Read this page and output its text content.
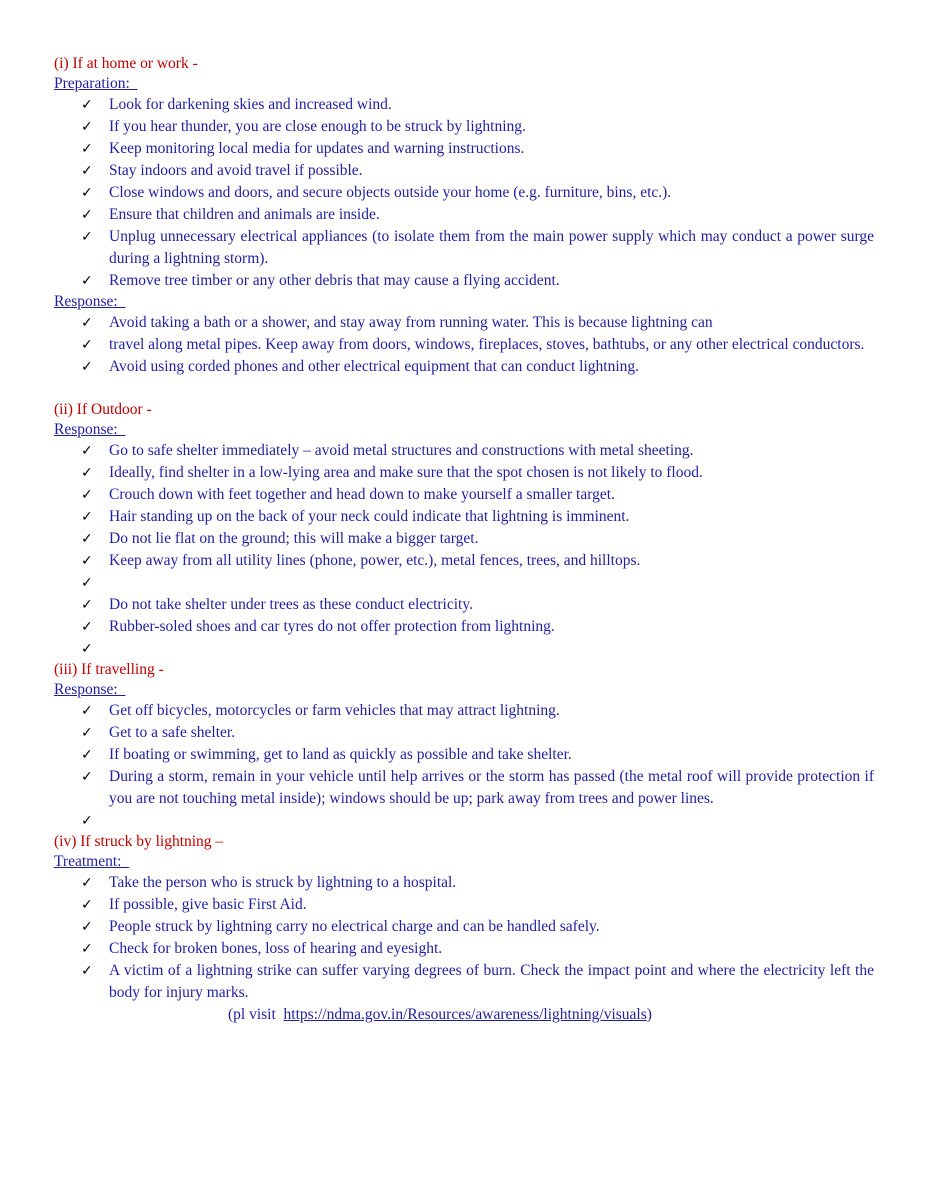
(i) If at home or work -
Preparation:
✓ Look for darkening skies and increased wind.
✓ If you hear thunder, you are close enough to be struck by lightning.
✓ Keep monitoring local media for updates and warning instructions.
✓ Stay indoors and avoid travel if possible.
✓ Close windows and doors, and secure objects outside your home (e.g. furniture, bins, etc.).
✓ Ensure that children and animals are inside.
✓ Unplug unnecessary electrical appliances (to isolate them from the main power supply which may conduct a power surge during a lightning storm).
✓ Remove tree timber or any other debris that may cause a flying accident.
Response:
✓ Avoid taking a bath or a shower, and stay away from running water. This is because lightning can
✓ travel along metal pipes. Keep away from doors, windows, fireplaces, stoves, bathtubs, or any other electrical conductors.
✓ Avoid using corded phones and other electrical equipment that can conduct lightning.
(ii) If Outdoor -
Response:
✓ Go to safe shelter immediately – avoid metal structures and constructions with metal sheeting.
✓ Ideally, find shelter in a low-lying area and make sure that the spot chosen is not likely to flood.
✓ Crouch down with feet together and head down to make yourself a smaller target.
✓ Hair standing up on the back of your neck could indicate that lightning is imminent.
✓ Do not lie flat on the ground; this will make a bigger target.
✓ Keep away from all utility lines (phone, power, etc.), metal fences, trees, and hilltops.
✓
✓ Do not take shelter under trees as these conduct electricity.
✓ Rubber-soled shoes and car tyres do not offer protection from lightning.
✓
(iii) If travelling -
Response:
✓ Get off bicycles, motorcycles or farm vehicles that may attract lightning.
✓ Get to a safe shelter.
✓ If boating or swimming, get to land as quickly as possible and take shelter.
✓ During a storm, remain in your vehicle until help arrives or the storm has passed (the metal roof will provide protection if you are not touching metal inside); windows should be up; park away from trees and power lines.
✓
(iv) If struck by lightning –
Treatment:
✓ Take the person who is struck by lightning to a hospital.
✓ If possible, give basic First Aid.
✓ People struck by lightning carry no electrical charge and can be handled safely.
✓ Check for broken bones, loss of hearing and eyesight.
✓ A victim of a lightning strike can suffer varying degrees of burn. Check the impact point and where the electricity left the body for injury marks.
(pl visit  https://ndma.gov.in/Resources/awareness/lightning/visuals)
